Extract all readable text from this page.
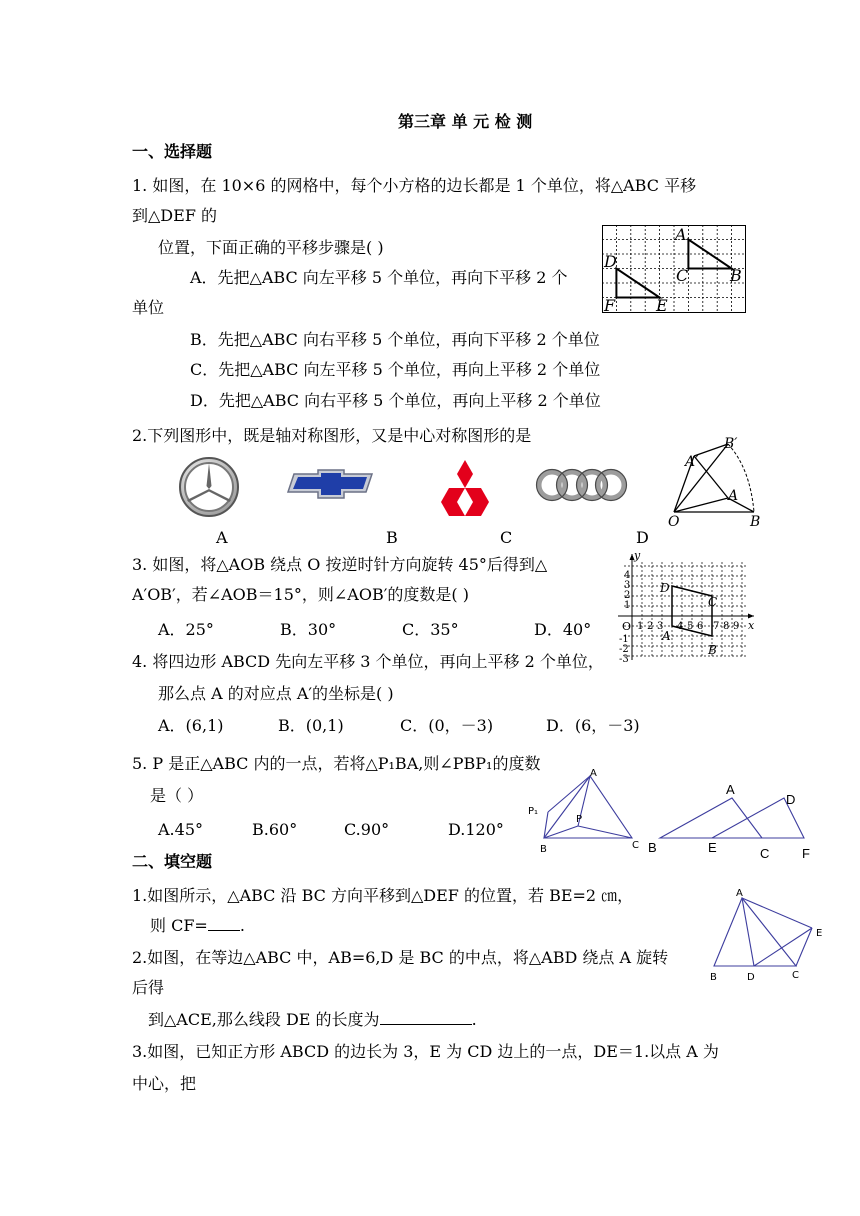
第三章 单 元 检 测
一、选择题
1. 如图，在 10×6 的网格中，每个小方格的边长都是 1 个单位，将△ABC 平移
到△DEF 的
位置，下面正确的平移步骤是( )
A．先把△ABC 向左平移 5 个单位，再向下平移 2 个
单位
B．先把△ABC 向右平移 5 个单位，再向下平移 2 个单位
C．先把△ABC 向左平移 5 个单位，再向上平移 2 个单位
D．先把△ABC 向右平移 5 个单位，再向上平移 2 个单位
A
C	B
D
F	E
2.下列图形中，既是轴对称图形，又是中心对称图形的是
A	B	C	D
B′
A′
A
O	B
3. 如图，将△AOB 绕点 O 按逆时针方向旋转 45°后得到△
A′OB′，若∠AOB＝15°，则∠AOB′的度数是( )
A．25°	B．30°	C．35°	D．40°
y
x
O
D
C
A
B
1 2 3 4 5 6 7 8 9
4
3
2
1
-1
-2
-3
4. 将四边形 ABCD 先向左平移 3 个单位，再向上平移 2 个单位，
那么点 A 的对应点 A′的坐标是( )
A．(6,1)	B．(0,1)	C．(0，－3)	D．(6，－3)
5. P 是正△ABC 内的一点，若将△P₁BA,则∠PBP₁的度数
是（ ）
A.45°	B.60°	C.90°	D.120°
A
P₁
P
B	C
A
D
B	E	C	F
二、填空题
1.如图所示，△ABC 沿 BC 方向平移到△DEF 的位置，若 BE=2 ㎝，
则 CF= .
2.如图，在等边△ABC 中，AB=6,D 是 BC 的中点，将△ABD 绕点 A 旋转
后得
到△ACE,那么线段 DE 的长度为	.
A
E
B	D	C
3.如图，已知正方形 ABCD 的边长为 3，E 为 CD 边上的一点，DE＝1.以点 A 为
中心，把
